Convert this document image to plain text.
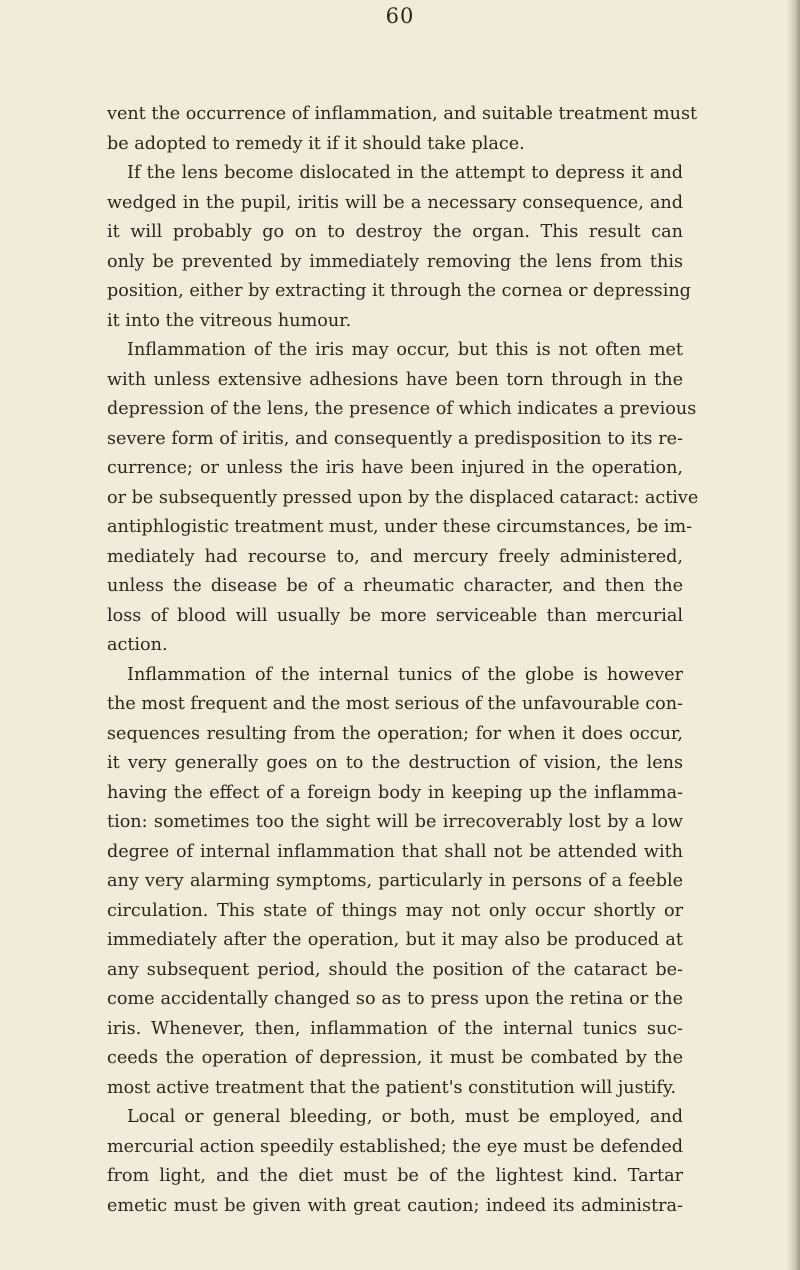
60
vent the occurrence of inflammation, and suitable treatment must
be adopted to remedy it if it should take place.
If the lens become dislocated in the attempt to depress it and
wedged in the pupil, iritis will be a necessary consequence, and
it will probably go on to destroy the organ. This result can
only be prevented by immediately removing the lens from this
position, either by extracting it through the cornea or depressing
it into the vitreous humour.
Inflammation of the iris may occur, but this is not often met
with unless extensive adhesions have been torn through in the
depression of the lens, the presence of which indicates a previous
severe form of iritis, and consequently a predisposition to its re-
currence; or unless the iris have been injured in the operation,
or be subsequently pressed upon by the displaced cataract: active
antiphlogistic treatment must, under these circumstances, be im-
mediately had recourse to, and mercury freely administered,
unless the disease be of a rheumatic character, and then the
loss of blood will usually be more serviceable than mercurial
action.
Inflammation of the internal tunics of the globe is however
the most frequent and the most serious of the unfavourable con-
sequences resulting from the operation; for when it does occur,
it very generally goes on to the destruction of vision, the lens
having the effect of a foreign body in keeping up the inflamma-
tion: sometimes too the sight will be irrecoverably lost by a low
degree of internal inflammation that shall not be attended with
any very alarming symptoms, particularly in persons of a feeble
circulation. This state of things may not only occur shortly or
immediately after the operation, but it may also be produced at
any subsequent period, should the position of the cataract be-
come accidentally changed so as to press upon the retina or the
iris. Whenever, then, inflammation of the internal tunics suc-
ceeds the operation of depression, it must be combated by the
most active treatment that the patient's constitution will justify.
Local or general bleeding, or both, must be employed, and
mercurial action speedily established; the eye must be defended
from light, and the diet must be of the lightest kind. Tartar
emetic must be given with great caution; indeed its administra-
